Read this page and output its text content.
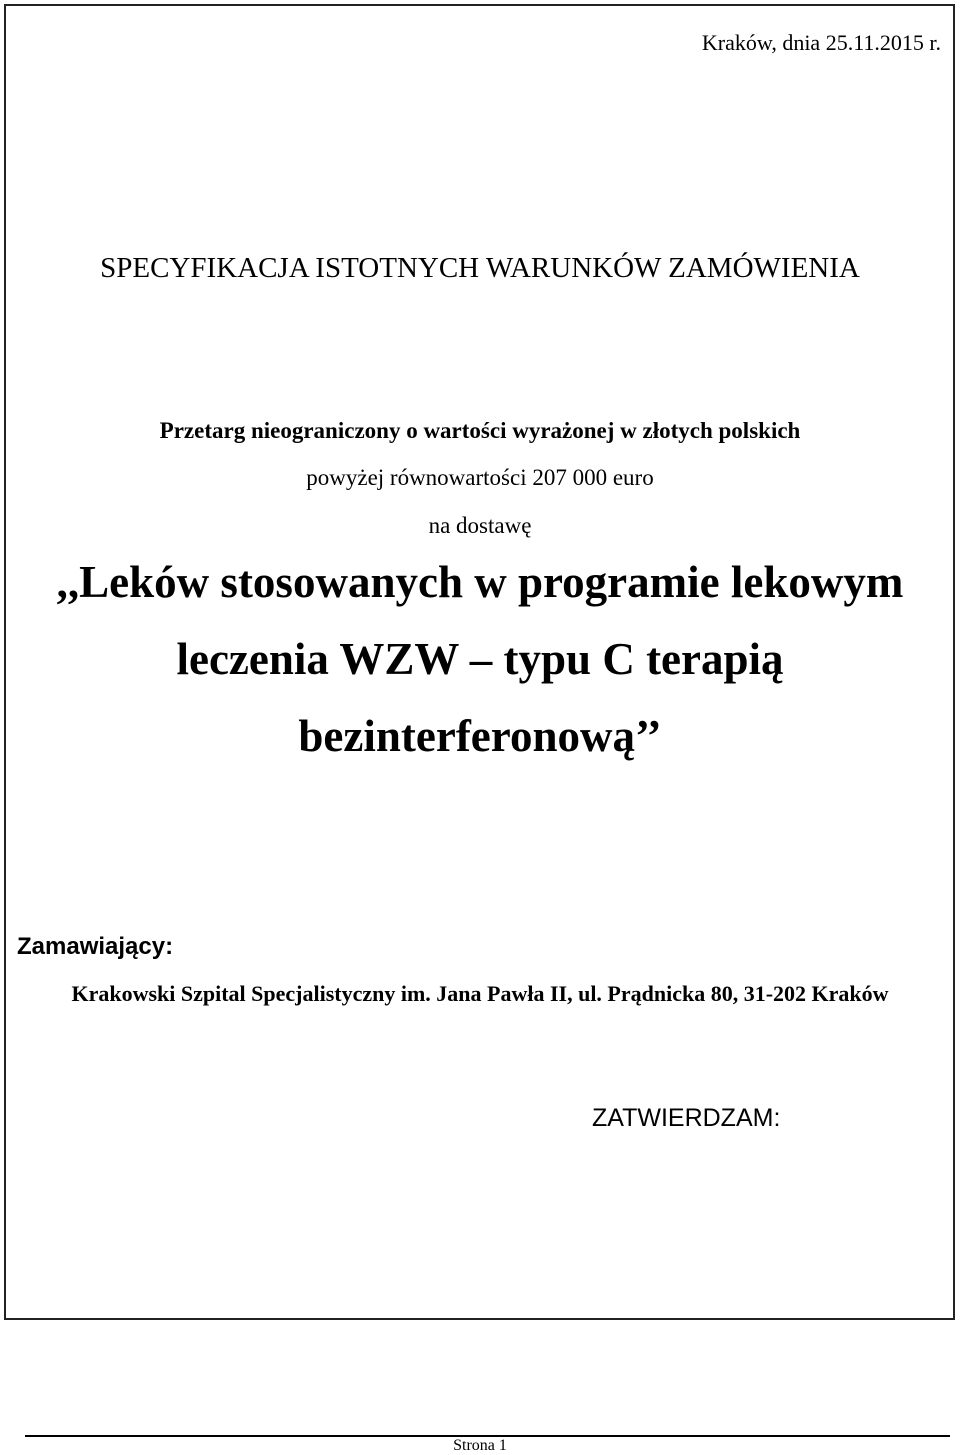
Kraków, dnia 25.11.2015 r.
SPECYFIKACJA ISTOTNYCH WARUNKÓW ZAMÓWIENIA
Przetarg nieograniczony o wartości wyrażonej w złotych polskich
powyżej równowartości 207 000 euro
na dostawę
,,Leków stosowanych w programie lekowym
leczenia WZW – typu C terapią
bezinterferonową’’
Zamawiający:
Krakowski Szpital Specjalistyczny im. Jana Pawła II, ul. Prądnicka 80, 31-202 Kraków
ZATWIERDZAM:
Strona 1
